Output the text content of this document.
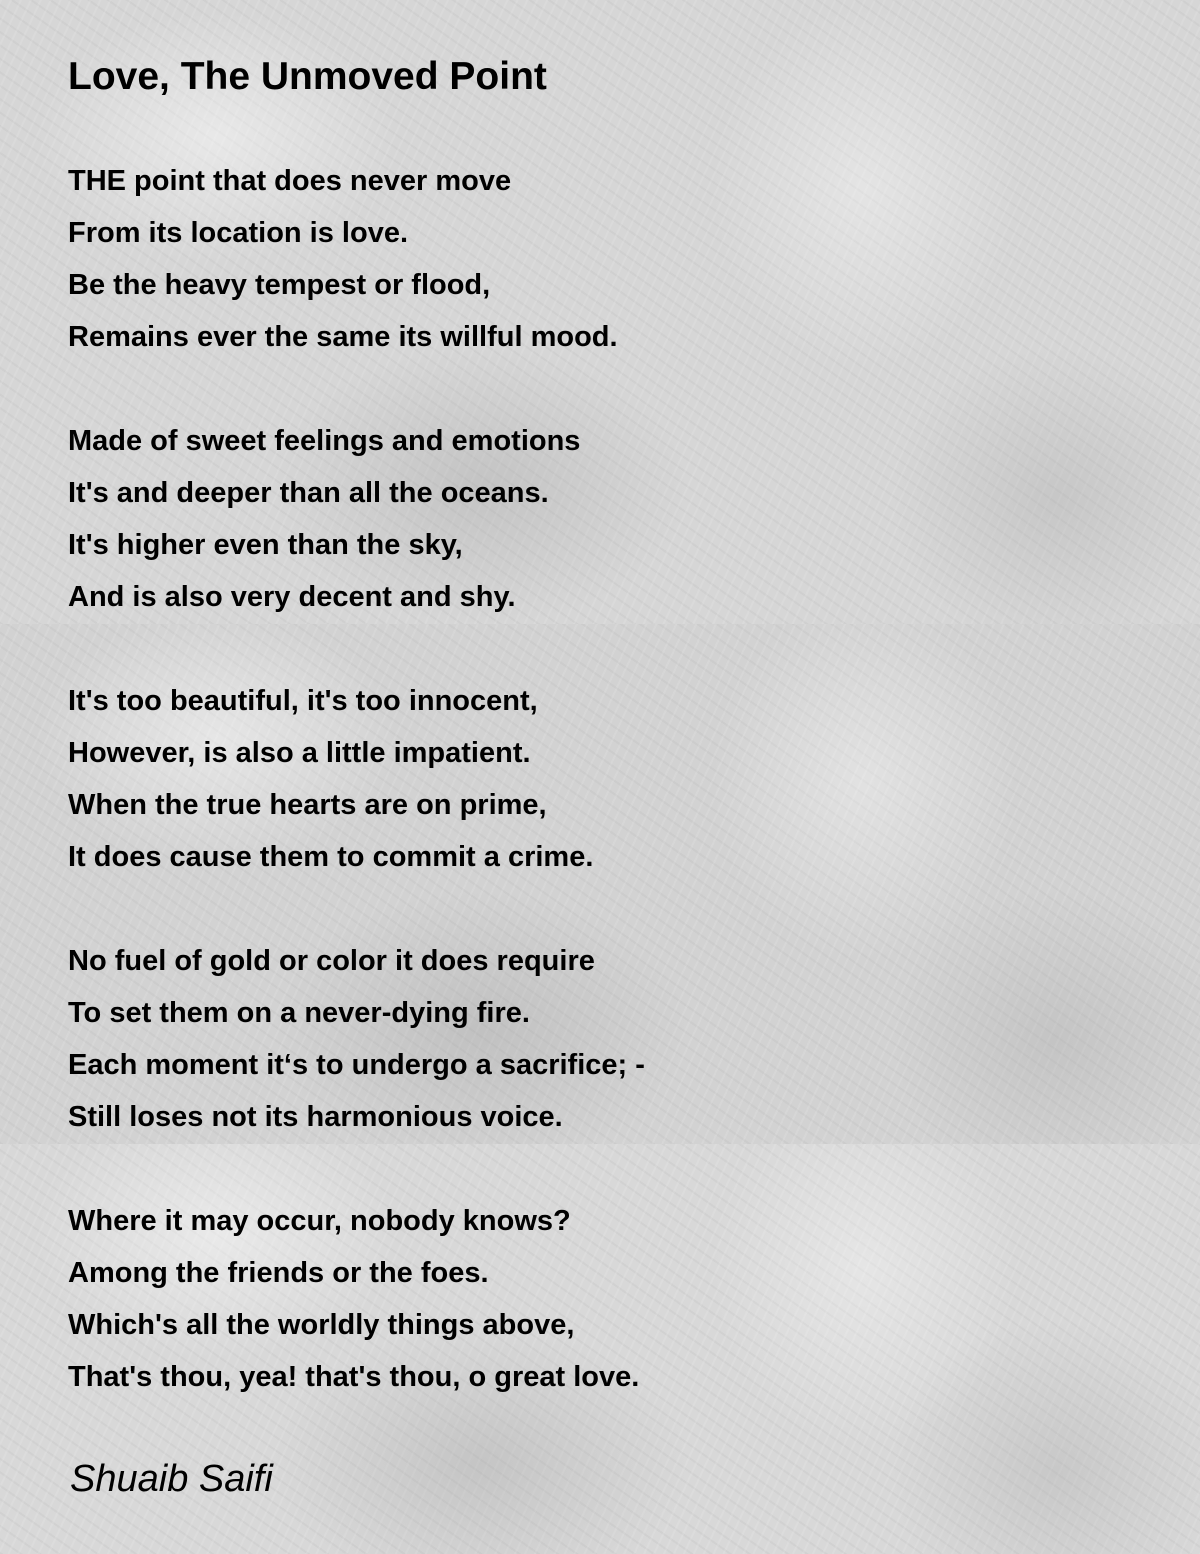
Love, The Unmoved Point
THE point that does never move
From its location is love.
Be the heavy tempest or flood,
Remains ever the same its willful mood.
Made of sweet feelings and emotions
It's and deeper than all the oceans.
It's higher even than the sky,
And is also very decent and shy.
It's too beautiful, it's too innocent,
However, is also a little impatient.
When the true hearts are on prime,
It does cause them to commit a crime.
No fuel of gold or color it does require
To set them on a never-dying fire.
Each moment it‘s to undergo a sacrifice; -
Still loses not its harmonious voice.
Where it may occur, nobody knows?
Among the friends or the foes.
Which's all the worldly things above,
That's thou, yea! that's thou, o great love.
Shuaib Saifi
